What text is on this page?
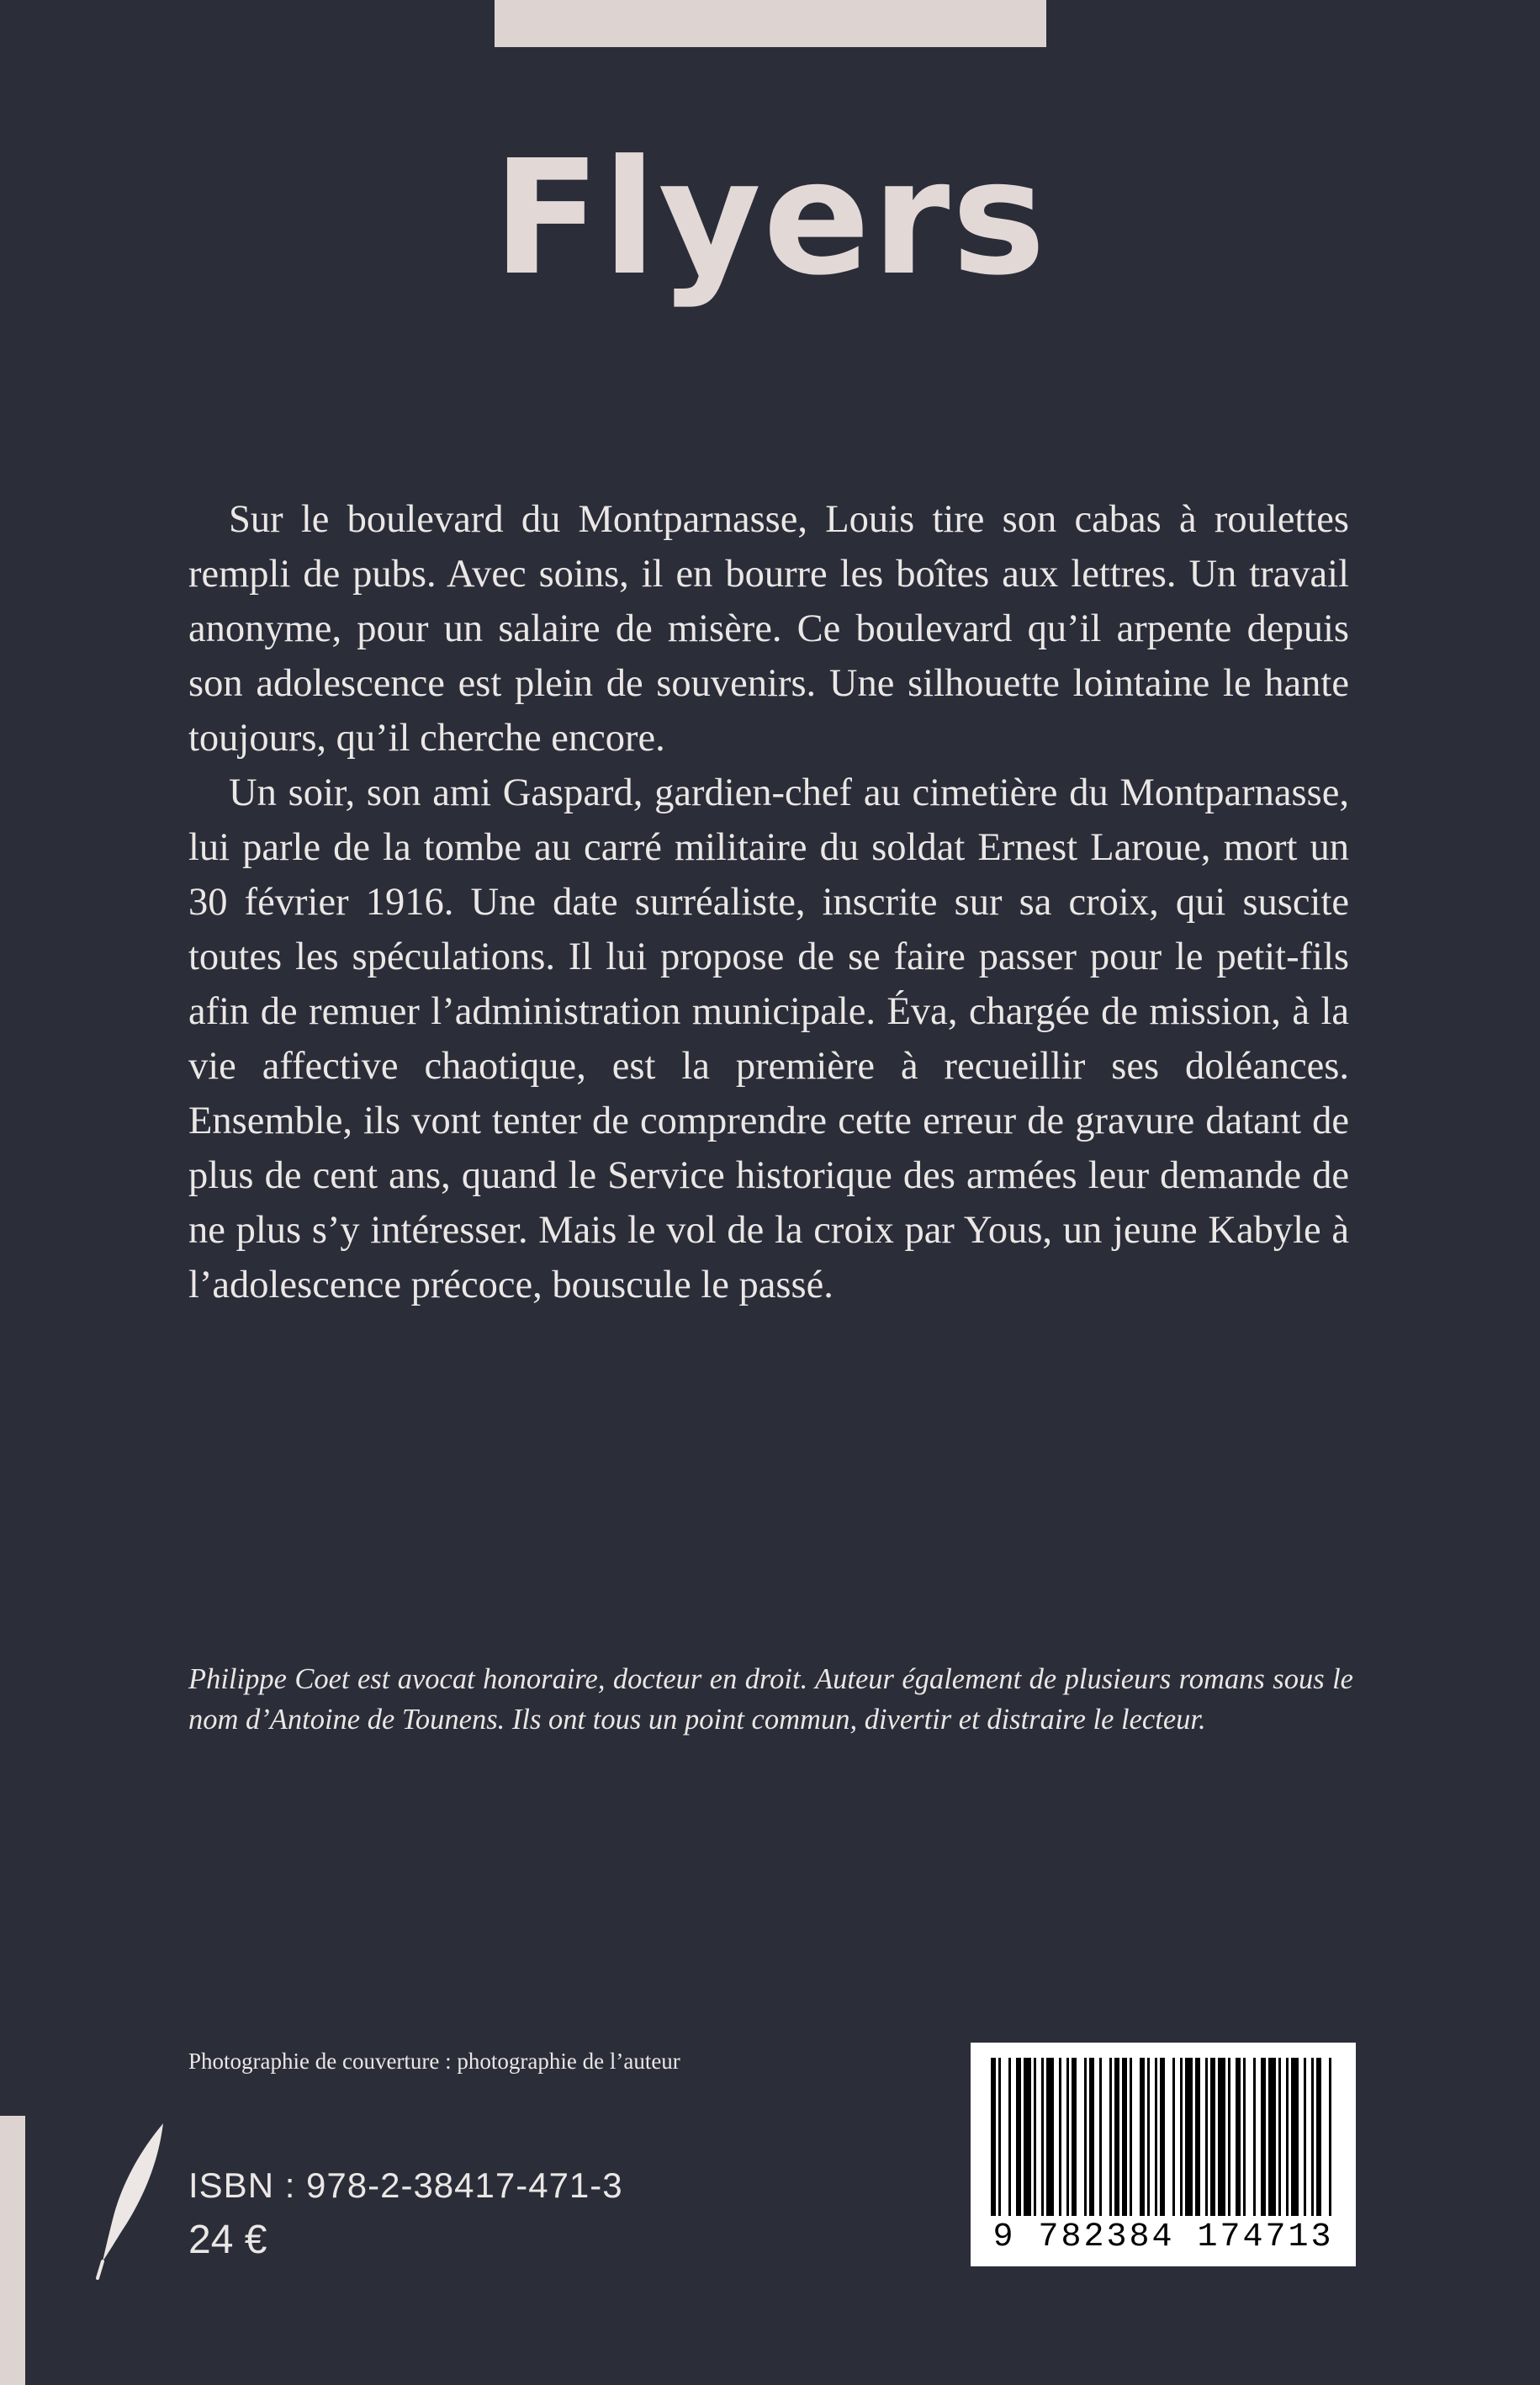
Flyers

Sur le boulevard du Montparnasse, Louis tire son cabas à roulettes rempli de pubs. Avec soins, il en bourre les boîtes aux lettres. Un travail anonyme, pour un salaire de misère. Ce boulevard qu’il arpente depuis son adolescence est plein de souvenirs. Une silhouette lointaine le hante toujours, qu’il cherche encore.

Un soir, son ami Gaspard, gardien-chef au cimetière du Montparnasse, lui parle de la tombe au carré militaire du soldat Ernest Laroue, mort un 30 février 1916. Une date surréaliste, inscrite sur sa croix, qui suscite toutes les spéculations. Il lui propose de se faire passer pour le petit-fils afin de remuer l’administration municipale. Éva, chargée de mission, à la vie affective chaotique, est la première à recueillir ses doléances. Ensemble, ils vont tenter de comprendre cette erreur de gravure datant de plus de cent ans, quand le Service historique des armées leur demande de ne plus s’y intéresser. Mais le vol de la croix par Yous, un jeune Kabyle à l’adolescence précoce, bouscule le passé.

Philippe Coet est avocat honoraire, docteur en droit. Auteur également de plusieurs romans sous le nom d’Antoine de Tounens. Ils ont tous un point commun, divertir et distraire le lecteur.

Photographie de couverture : photographie de l’auteur
ISBN : 978-2-38417-471-3
24 €	9 782384 174713
